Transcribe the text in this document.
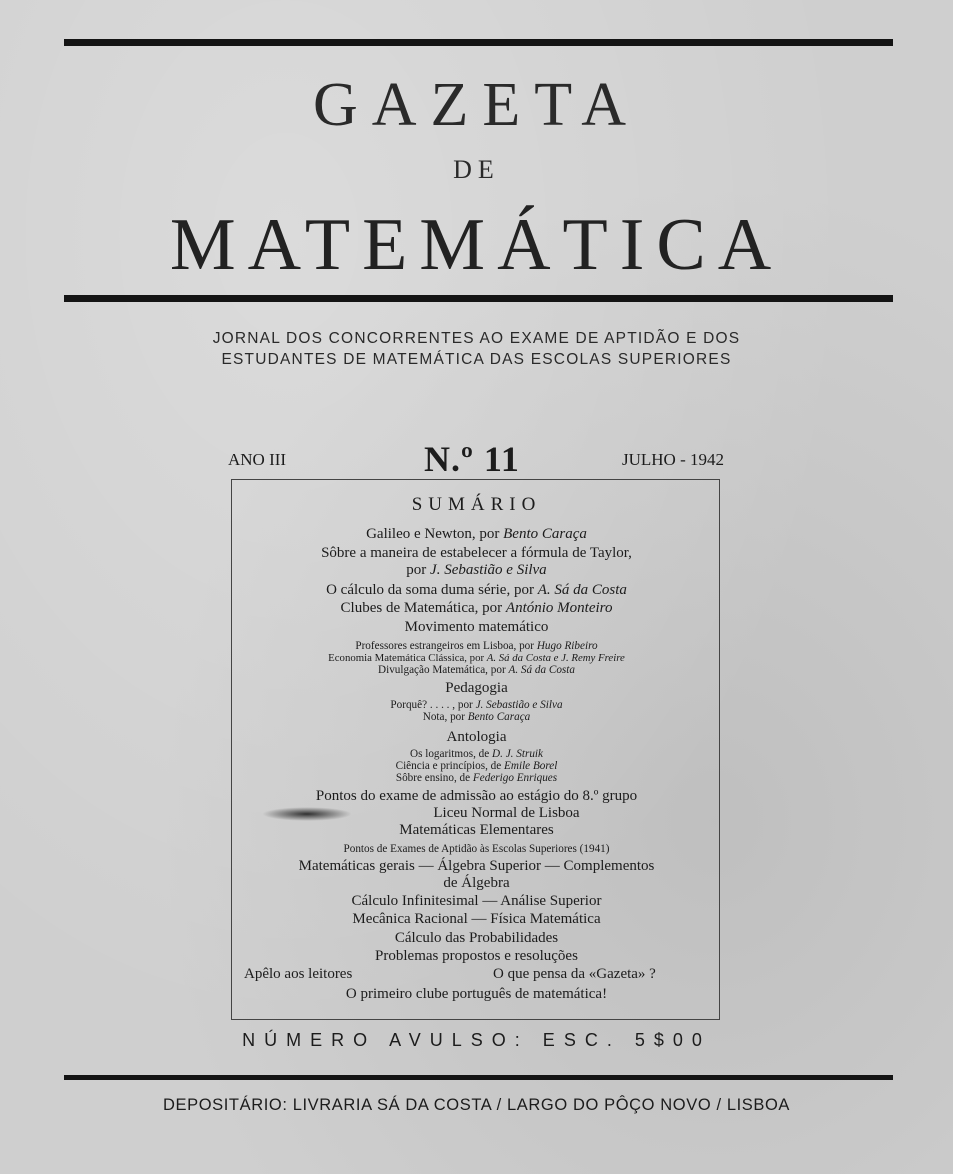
GAZETA
DE
MATEMÁTICA
JORNAL DOS CONCORRENTES AO EXAME DE APTIDÃO E DOS
ESTUDANTES DE MATEMÁTICA DAS ESCOLAS SUPERIORES
ANO III	N.º 11	JULHO - 1942
SUMÁRIO
Galileo e Newton, por Bento Caraça
Sôbre a maneira de estabelecer a fórmula de Taylor,
por J. Sebastião e Silva
O cálculo da soma duma série, por A. Sá da Costa
Clubes de Matemática, por António Monteiro
Movimento matemático
Professores estrangeiros em Lisboa, por Hugo Ribeiro
Economia Matemática Clássica, por A. Sá da Costa e J. Remy Freire
Divulgação Matemática, por A. Sá da Costa
Pedagogia
Porquê? . . . . , por J. Sebastião e Silva
Nota, por Bento Caraça
Antologia
Os logaritmos, de D. J. Struik
Ciência e princípios, de Emile Borel
Sôbre ensino, de Federigo Enriques
Pontos do exame de admissão ao estágio do 8.º grupo
Liceu Normal de Lisboa
Matemáticas Elementares
Pontos de Exames de Aptidão às Escolas Superiores (1941)
Matemáticas gerais — Álgebra Superior — Complementos
de Álgebra
Cálculo Infinitesimal — Análise Superior
Mecânica Racional — Física Matemática
Cálculo das Probabilidades
Problemas propostos e resoluções
Apêlo aos leitores	O que pensa da «Gazeta» ?
O primeiro clube português de matemática!
NÚMERO AVULSO: ESC. 5$00
DEPOSITÁRIO: LIVRARIA SÁ DA COSTA / LARGO DO PÔÇO NOVO / LISBOA
